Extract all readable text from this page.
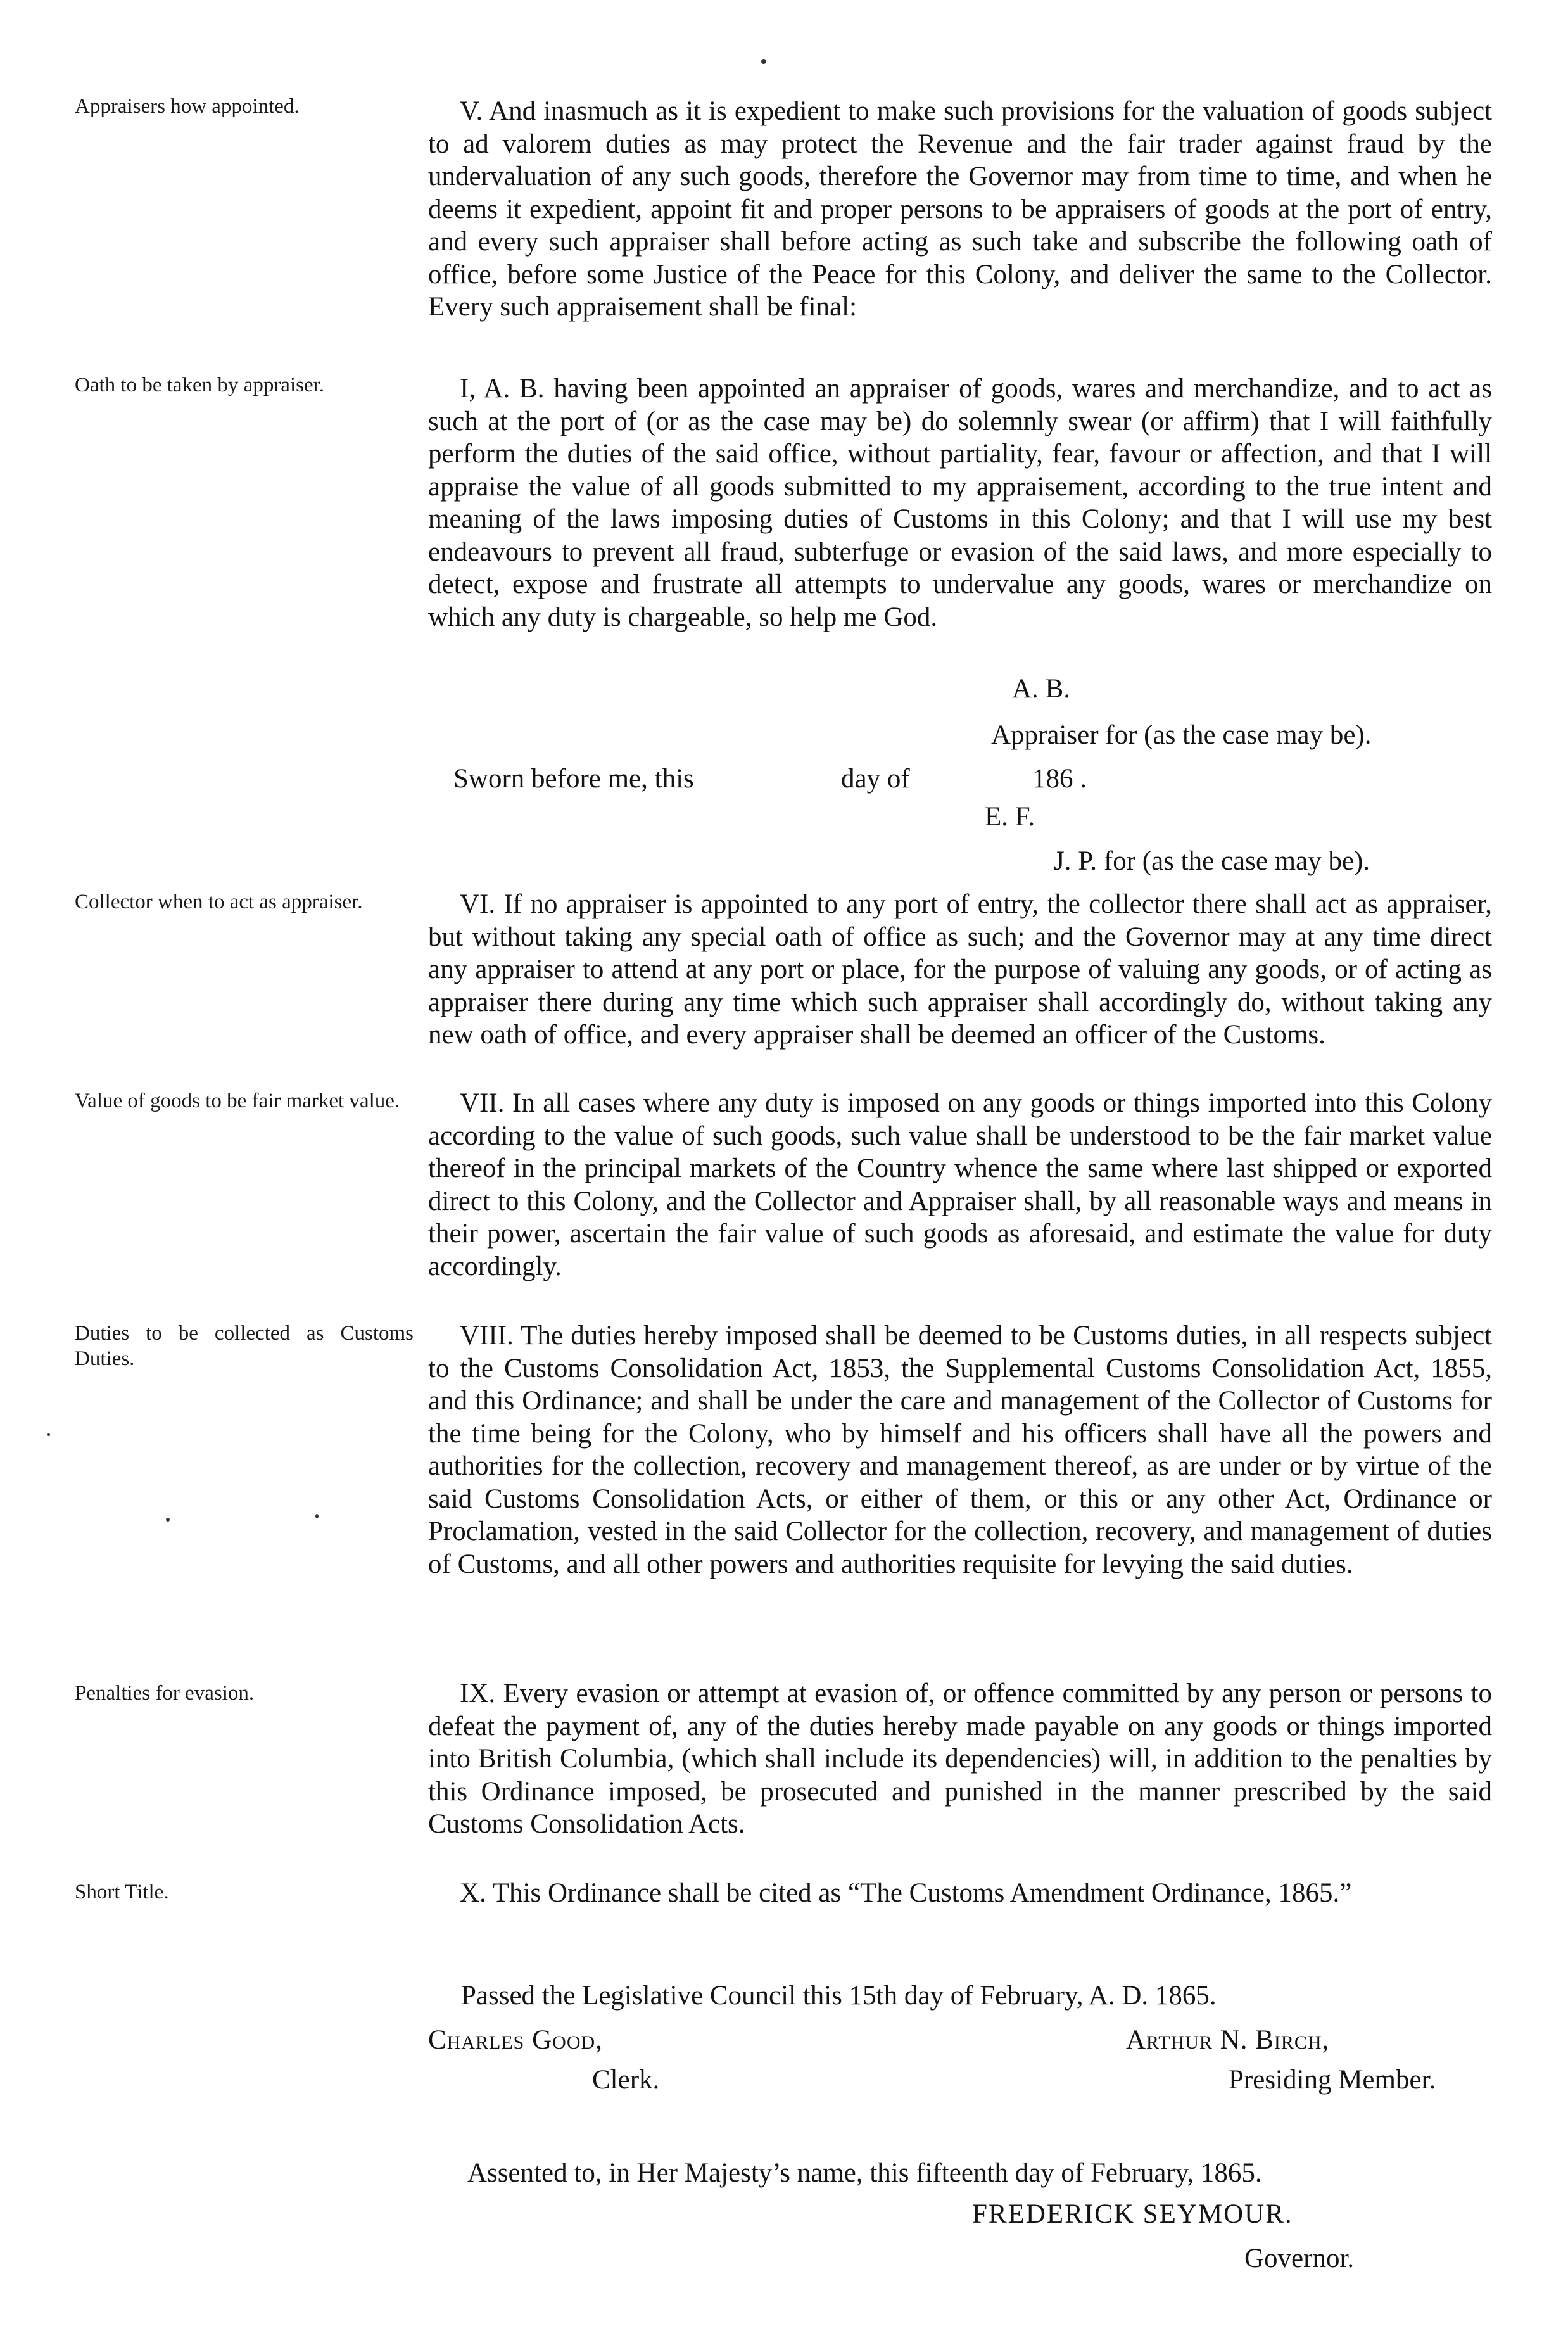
Appraisers how appointed.
Oath to be taken by appraiser.
Collector when to act as appraiser.
Value of goods to be fair market value.
Duties to be collected as Customs Duties.
Penalties for evasion.
Short Title.

V. And inasmuch as it is expedient to make such provisions for the valuation of goods subject to ad valorem duties as may protect the Revenue and the fair trader against fraud by the undervaluation of any such goods, therefore the Governor may from time to time, and when he deems it expedient, appoint fit and proper persons to be appraisers of goods at the port of entry, and every such appraiser shall before acting as such take and subscribe the following oath of office, before some Justice of the Peace for this Colony, and deliver the same to the Collector. Every such appraisement shall be final:

I, A. B. having been appointed an appraiser of goods, wares and merchandize, and to act as such at the port of (or as the case may be) do solemnly swear (or affirm) that I will faithfully perform the duties of the said office, without partiality, fear, favour or affection, and that I will appraise the value of all goods submitted to my appraisement, according to the true intent and meaning of the laws imposing duties of Customs in this Colony; and that I will use my best endeavours to prevent all fraud, subterfuge or evasion of the said laws, and more especially to detect, expose and frustrate all attempts to undervalue any goods, wares or merchandize on which any duty is chargeable, so help me God.

A. B.
Appraiser for (as the case may be).
Sworn before me, this	day of	186 .
E. F.
J. P. for (as the case may be).

VI. If no appraiser is appointed to any port of entry, the collector there shall act as appraiser, but without taking any special oath of office as such; and the Governor may at any time direct any appraiser to attend at any port or place, for the purpose of valuing any goods, or of acting as appraiser there during any time which such appraiser shall accordingly do, without taking any new oath of office, and every appraiser shall be deemed an officer of the Customs.

VII. In all cases where any duty is imposed on any goods or things imported into this Colony according to the value of such goods, such value shall be understood to be the fair market value thereof in the principal markets of the Country whence the same where last shipped or exported direct to this Colony, and the Collector and Appraiser shall, by all reasonable ways and means in their power, ascertain the fair value of such goods as aforesaid, and estimate the value for duty accordingly.

VIII. The duties hereby imposed shall be deemed to be Customs duties, in all respects subject to the Customs Consolidation Act, 1853, the Supplemental Customs Consolidation Act, 1855, and this Ordinance; and shall be under the care and management of the Collector of Customs for the time being for the Colony, who by himself and his officers shall have all the powers and authorities for the collection, recovery and management thereof, as are under or by virtue of the said Customs Consolidation Acts, or either of them, or this or any other Act, Ordinance or Proclamation, vested in the said Collector for the collection, recovery, and management of duties of Customs, and all other powers and authorities requisite for levying the said duties.

IX. Every evasion or attempt at evasion of, or offence committed by any person or persons to defeat the payment of, any of the duties hereby made payable on any goods or things imported into British Columbia, (which shall include its dependencies) will, in addition to the penalties by this Ordinance imposed, be prosecuted and punished in the manner prescribed by the said Customs Consolidation Acts.

X. This Ordinance shall be cited as “The Customs Amendment Ordinance, 1865.”

Passed the Legislative Council this 15th day of February, A. D. 1865.
Charles Good,
Clerk.
Arthur N. Birch,
Presiding Member.
Assented to, in Her Majesty’s name, this fifteenth day of February, 1865.
FREDERICK SEYMOUR.
Governor.
